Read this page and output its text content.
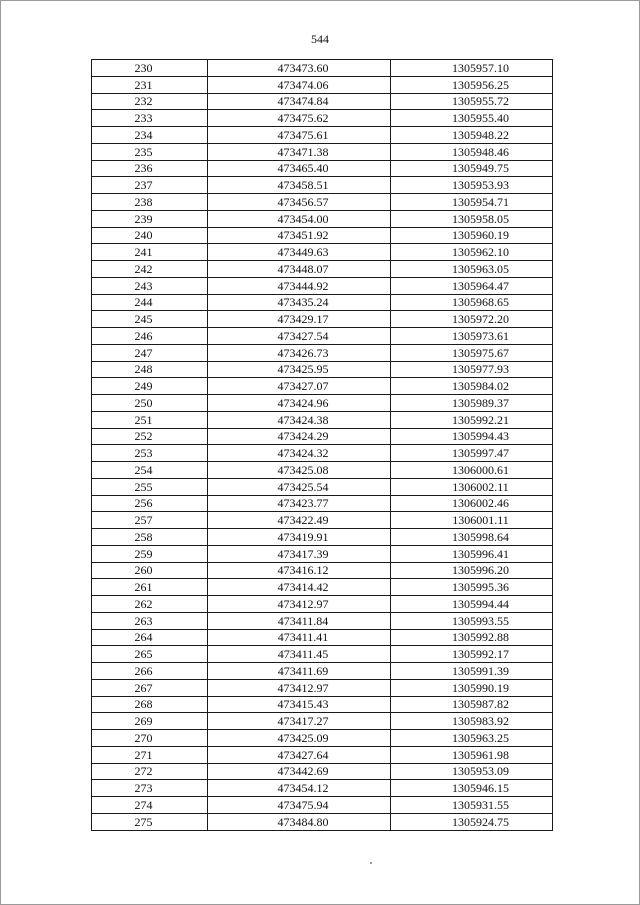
544
230	473473.60	1305957.10
231	473474.06	1305956.25
232	473474.84	1305955.72
233	473475.62	1305955.40
234	473475.61	1305948.22
235	473471.38	1305948.46
236	473465.40	1305949.75
237	473458.51	1305953.93
238	473456.57	1305954.71
239	473454.00	1305958.05
240	473451.92	1305960.19
241	473449.63	1305962.10
242	473448.07	1305963.05
243	473444.92	1305964.47
244	473435.24	1305968.65
245	473429.17	1305972.20
246	473427.54	1305973.61
247	473426.73	1305975.67
248	473425.95	1305977.93
249	473427.07	1305984.02
250	473424.96	1305989.37
251	473424.38	1305992.21
252	473424.29	1305994.43
253	473424.32	1305997.47
254	473425.08	1306000.61
255	473425.54	1306002.11
256	473423.77	1306002.46
257	473422.49	1306001.11
258	473419.91	1305998.64
259	473417.39	1305996.41
260	473416.12	1305996.20
261	473414.42	1305995.36
262	473412.97	1305994.44
263	473411.84	1305993.55
264	473411.41	1305992.88
265	473411.45	1305992.17
266	473411.69	1305991.39
267	473412.97	1305990.19
268	473415.43	1305987.82
269	473417.27	1305983.92
270	473425.09	1305963.25
271	473427.64	1305961.98
272	473442.69	1305953.09
273	473454.12	1305946.15
274	473475.94	1305931.55
275	473484.80	1305924.75
